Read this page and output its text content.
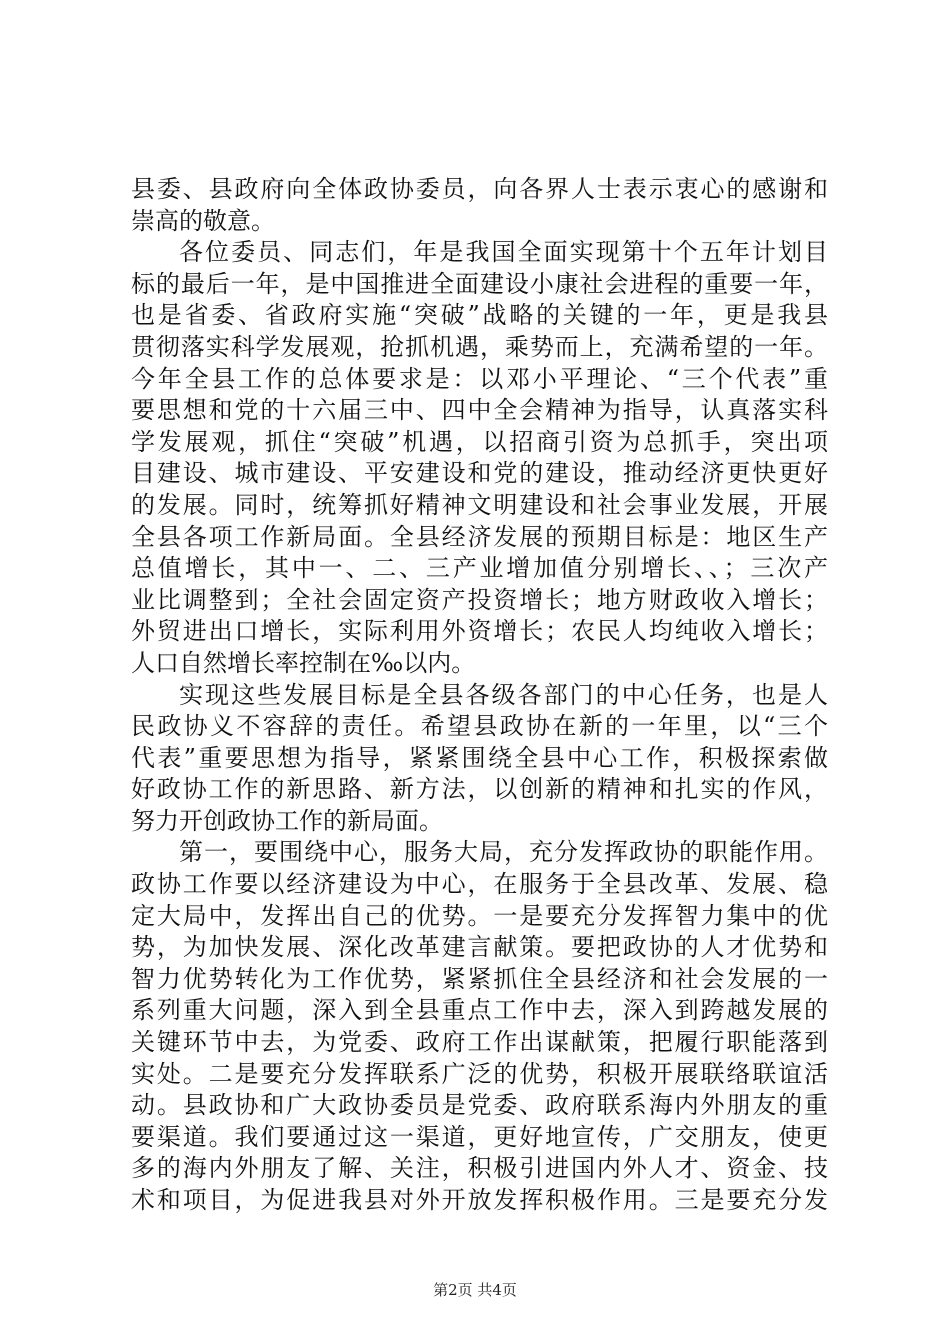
县委、县政府向全体政协委员，向各界人士表示衷心的感谢和
崇高的敬意。
各位委员、同志们，年是我国全面实现第十个五年计划目
标的最后一年，是中国推进全面建设小康社会进程的重要一年，
也是省委、省政府实施“突破”战略的关键的一年，更是我县
贯彻落实科学发展观，抢抓机遇，乘势而上，充满希望的一年。
今年全县工作的总体要求是：以邓小平理论、“三个代表”重
要思想和党的十六届三中、四中全会精神为指导，认真落实科
学发展观，抓住“突破”机遇，以招商引资为总抓手，突出项
目建设、城市建设、平安建设和党的建设，推动经济更快更好
的发展。同时，统筹抓好精神文明建设和社会事业发展，开展
全县各项工作新局面。全县经济发展的预期目标是：地区生产
总值增长，其中一、二、三产业增加值分别增长、、；三次产
业比调整到；全社会固定资产投资增长；地方财政收入增长；
外贸进出口增长，实际利用外资增长；农民人均纯收入增长；
人口自然增长率控制在‰以内。
实现这些发展目标是全县各级各部门的中心任务，也是人
民政协义不容辞的责任。希望县政协在新的一年里，以“三个
代表”重要思想为指导，紧紧围绕全县中心工作，积极探索做
好政协工作的新思路、新方法，以创新的精神和扎实的作风，
努力开创政协工作的新局面。
第一，要围绕中心，服务大局，充分发挥政协的职能作用。
政协工作要以经济建设为中心，在服务于全县改革、发展、稳
定大局中，发挥出自己的优势。一是要充分发挥智力集中的优
势，为加快发展、深化改革建言献策。要把政协的人才优势和
智力优势转化为工作优势，紧紧抓住全县经济和社会发展的一
系列重大问题，深入到全县重点工作中去，深入到跨越发展的
关键环节中去，为党委、政府工作出谋献策，把履行职能落到
实处。二是要充分发挥联系广泛的优势，积极开展联络联谊活
动。县政协和广大政协委员是党委、政府联系海内外朋友的重
要渠道。我们要通过这一渠道，更好地宣传，广交朋友，使更
多的海内外朋友了解、关注，积极引进国内外人才、资金、技
术和项目，为促进我县对外开放发挥积极作用。三是要充分发
第2页 共4页
